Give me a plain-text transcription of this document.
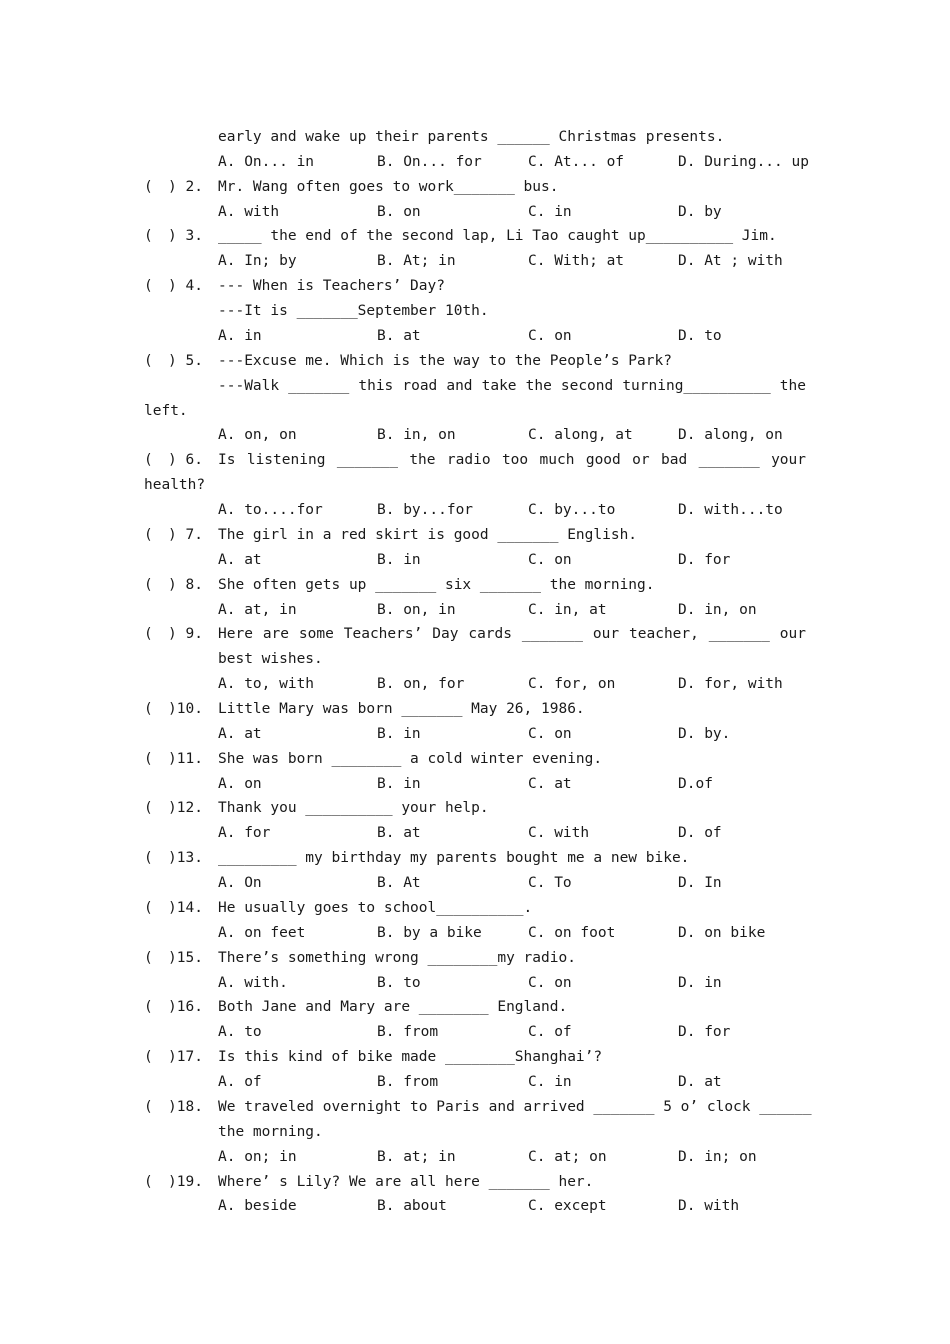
early and wake up their parents ______ Christmas presents.
A. On... in	B. On... for	C. At... of	D. During... up
( ) 2. Mr. Wang often goes to work_______ bus.
A. with	B. on	C. in	D. by
( ) 3. _____ the end of the second lap, Li Tao caught up__________ Jim.
A. In; by	B. At; in	C. With; at	D. At ; with
( ) 4. --- When is Teachers’ Day?
---It is _______September 10th.
A. in	B. at	C. on	D. to
( ) 5. ---Excuse me. Which is the way to the People’s Park?
---Walk _______ this road and take the second turning__________ the
left.
A. on, on	B. in, on	C. along, at	D. along, on
( ) 6. Is listening _______ the radio too much good or bad _______ your
health?
A. to....for	B. by...for	C. by...to	D. with...to
( ) 7. The girl in a red skirt is good _______ English.
A. at	B. in	C. on	D. for
( ) 8. She often gets up _______ six _______ the morning.
A. at, in	B. on, in	C. in, at	D. in, on
( ) 9. Here are some Teachers’ Day cards _______ our teacher, _______ our
best wishes.
A. to, with	B. on, for	C. for, on	D. for, with
( )10. Little Mary was born _______ May 26, 1986.
A. at	B. in	C. on	D. by.
( )11. She was born ________ a cold winter evening.
A. on	B. in	C. at	D.of
( )12. Thank you __________ your help.
A. for	B. at	C. with	D. of
( )13. _________ my birthday my parents bought me a new bike.
A. On	B. At	C. To	D. In
( )14. He usually goes to school__________.
A. on feet	B. by a bike	C. on foot	D. on bike
( )15. There’s something wrong ________my radio.
A. with.	B. to	C. on	D. in
( )16. Both Jane and Mary are ________ England.
A. to	B. from	C. of	D. for
( )17. Is this kind of bike made ________Shanghai’?
A. of	B. from	C. in	D. at
( )18. We traveled overnight to Paris and arrived _______ 5 o’ clock ______
the morning.
A. on; in	B. at; in	C. at; on	D. in; on
( )19. Where’ s Lily? We are all here _______ her.
A. beside	B. about	C. except	D. with
